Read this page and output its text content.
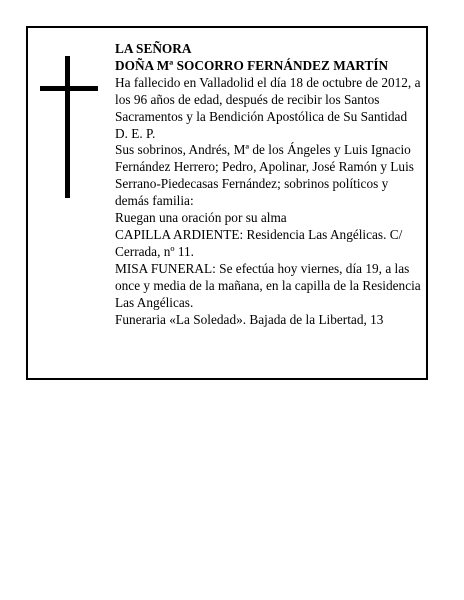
LA SEÑORA

DOÑA Mª SOCORRO FERNÁNDEZ MARTÍN

Ha fallecido en Valladolid el día 18 de octubre de 2012, a los 96 años de edad, después de recibir los Santos Sacramentos y la Bendición Apostólica de Su Santidad D. E. P.

Sus sobrinos, Andrés, Mª de los Ángeles y Luis Ignacio Fernández Herrero; Pedro, Apolinar, José Ramón y Luis Serrano-Piedecasas Fernández; sobrinos políticos y demás familia:

Ruegan una oración por su alma

CAPILLA ARDIENTE: Residencia Las Angélicas. C/ Cerrada, nº 11.

MISA FUNERAL: Se efectúa hoy viernes, día 19, a las once y media de la mañana, en la capilla de la Residencia Las Angélicas.

Funeraria «La Soledad». Bajada de la Libertad, 13
